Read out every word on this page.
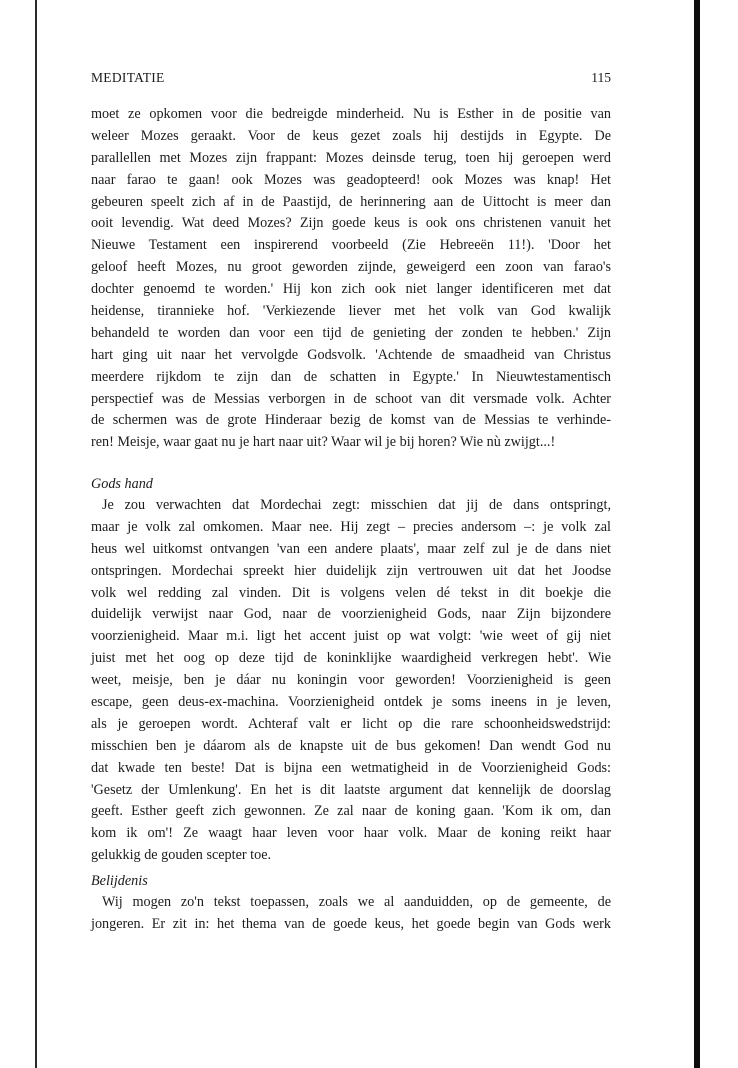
MEDITATIE	115
moet ze opkomen voor die bedreigde minderheid. Nu is Esther in de positie van
weleer Mozes geraakt. Voor de keus gezet zoals hij destijds in Egypte. De
parallellen met Mozes zijn frappant: Mozes deinsde terug, toen hij geroepen werd
naar farao te gaan! ook Mozes was geadopteerd! ook Mozes was knap! Het
gebeuren speelt zich af in de Paastijd, de herinnering aan de Uittocht is meer dan
ooit levendig. Wat deed Mozes? Zijn goede keus is ook ons christenen vanuit het
Nieuwe Testament een inspirerend voorbeeld (Zie Hebreeën 11!). 'Door het
geloof heeft Mozes, nu groot geworden zijnde, geweigerd een zoon van farao's
dochter genoemd te worden.' Hij kon zich ook niet langer identificeren met dat
heidense, tirannieke hof. 'Verkiezende liever met het volk van God kwalijk
behandeld te worden dan voor een tijd de genieting der zonden te hebben.' Zijn
hart ging uit naar het vervolgde Godsvolk. 'Achtende de smaadheid van Christus
meerdere rijkdom te zijn dan de schatten in Egypte.' In Nieuwtestamentisch
perspectief was de Messias verborgen in de schoot van dit versmade volk. Achter
de schermen was de grote Hinderaar bezig de komst van de Messias te verhinde-
ren! Meisje, waar gaat nu je hart naar uit? Waar wil je bij horen? Wie nù zwijgt...!
Gods hand
Je zou verwachten dat Mordechai zegt: misschien dat jij de dans ontspringt,
maar je volk zal omkomen. Maar nee. Hij zegt – precies andersom –: je volk zal
heus wel uitkomst ontvangen 'van een andere plaats', maar zelf zul je de dans niet
ontspringen. Mordechai spreekt hier duidelijk zijn vertrouwen uit dat het Joodse
volk wel redding zal vinden. Dit is volgens velen dé tekst in dit boekje die
duidelijk verwijst naar God, naar de voorzienigheid Gods, naar Zijn bijzondere
voorzienigheid. Maar m.i. ligt het accent juist op wat volgt: 'wie weet of gij niet
juist met het oog op deze tijd de koninklijke waardigheid verkregen hebt'. Wie
weet, meisje, ben je dáar nu koningin voor geworden! Voorzienigheid is geen
escape, geen deus-ex-machina. Voorzienigheid ontdek je soms ineens in je leven,
als je geroepen wordt. Achteraf valt er licht op die rare schoonheidswedstrijd:
misschien ben je dáarom als de knapste uit de bus gekomen! Dan wendt God nu
dat kwade ten beste! Dat is bijna een wetmatigheid in de Voorzienigheid Gods:
'Gesetz der Umlenkung'. En het is dit laatste argument dat kennelijk de doorslag
geeft. Esther geeft zich gewonnen. Ze zal naar de koning gaan. 'Kom ik om, dan
kom ik om'! Ze waagt haar leven voor haar volk. Maar de koning reikt haar
gelukkig de gouden scepter toe.
Belijdenis
Wij mogen zo'n tekst toepassen, zoals we al aanduidden, op de gemeente, de
jongeren. Er zit in: het thema van de goede keus, het goede begin van Gods werk
